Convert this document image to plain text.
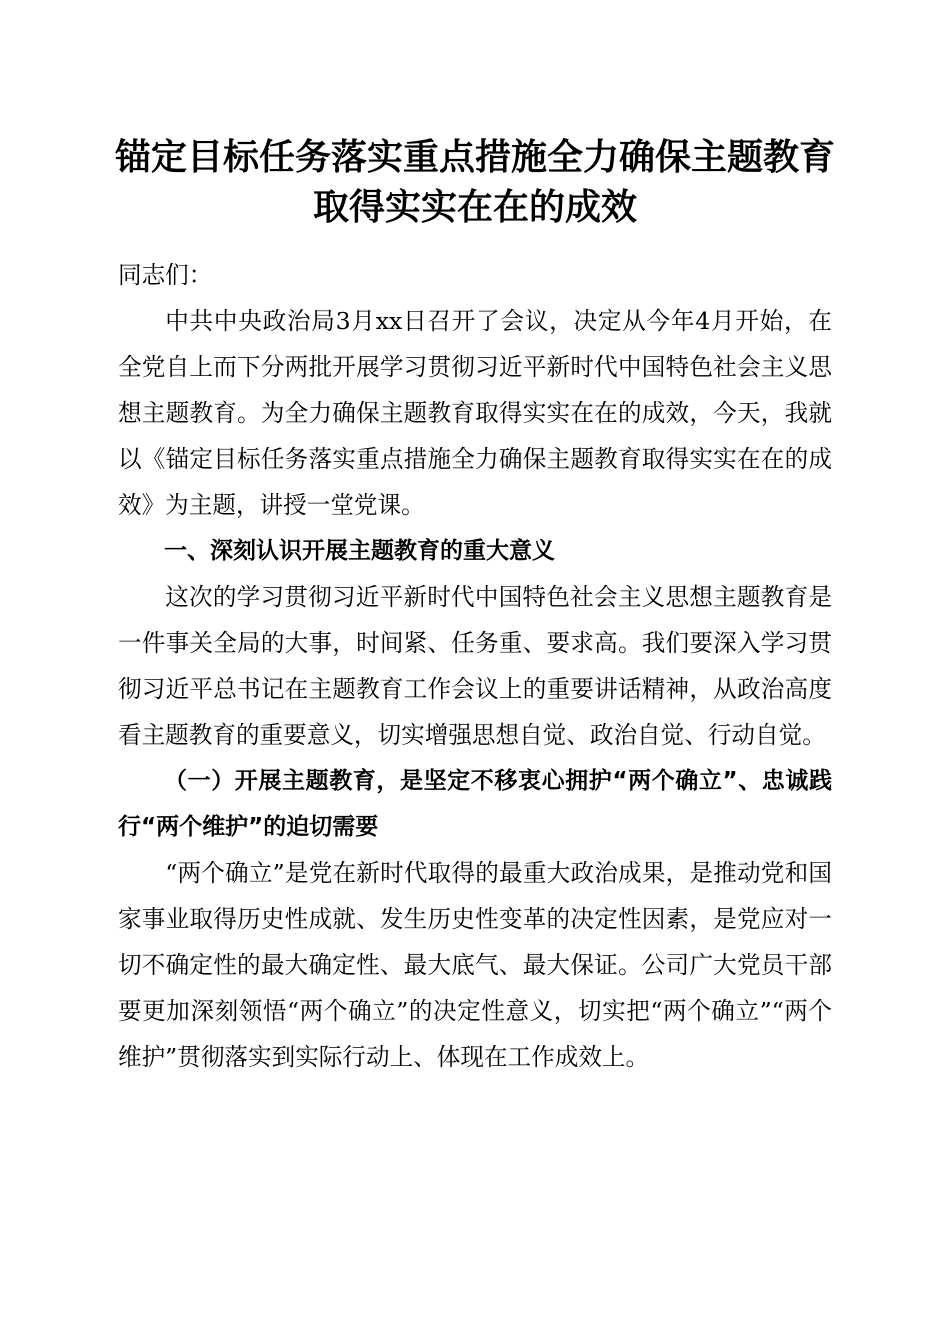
锚定目标任务落实重点措施全力确保主题教育
取得实实在在的成效

同志们：

中共中央政治局3月xx日召开了会议，决定从今年4月开始，在全党自上而下分两批开展学习贯彻习近平新时代中国特色社会主义思想主题教育。为全力确保主题教育取得实实在在的成效，今天，我就以《锚定目标任务落实重点措施全力确保主题教育取得实实在在的成效》为主题，讲授一堂党课。

一、深刻认识开展主题教育的重大意义

这次的学习贯彻习近平新时代中国特色社会主义思想主题教育是一件事关全局的大事，时间紧、任务重、要求高。我们要深入学习贯彻习近平总书记在主题教育工作会议上的重要讲话精神，从政治高度看主题教育的重要意义，切实增强思想自觉、政治自觉、行动自觉。

（一）开展主题教育，是坚定不移衷心拥护“两个确立”、忠诚践行“两个维护”的迫切需要

“两个确立”是党在新时代取得的最重大政治成果，是推动党和国家事业取得历史性成就、发生历史性变革的决定性因素，是党应对一切不确定性的最大确定性、最大底气、最大保证。公司广大党员干部要更加深刻领悟“两个确立”的决定性意义，切实把“两个确立”“两个维护”贯彻落实到实际行动上、体现在工作成效上。
